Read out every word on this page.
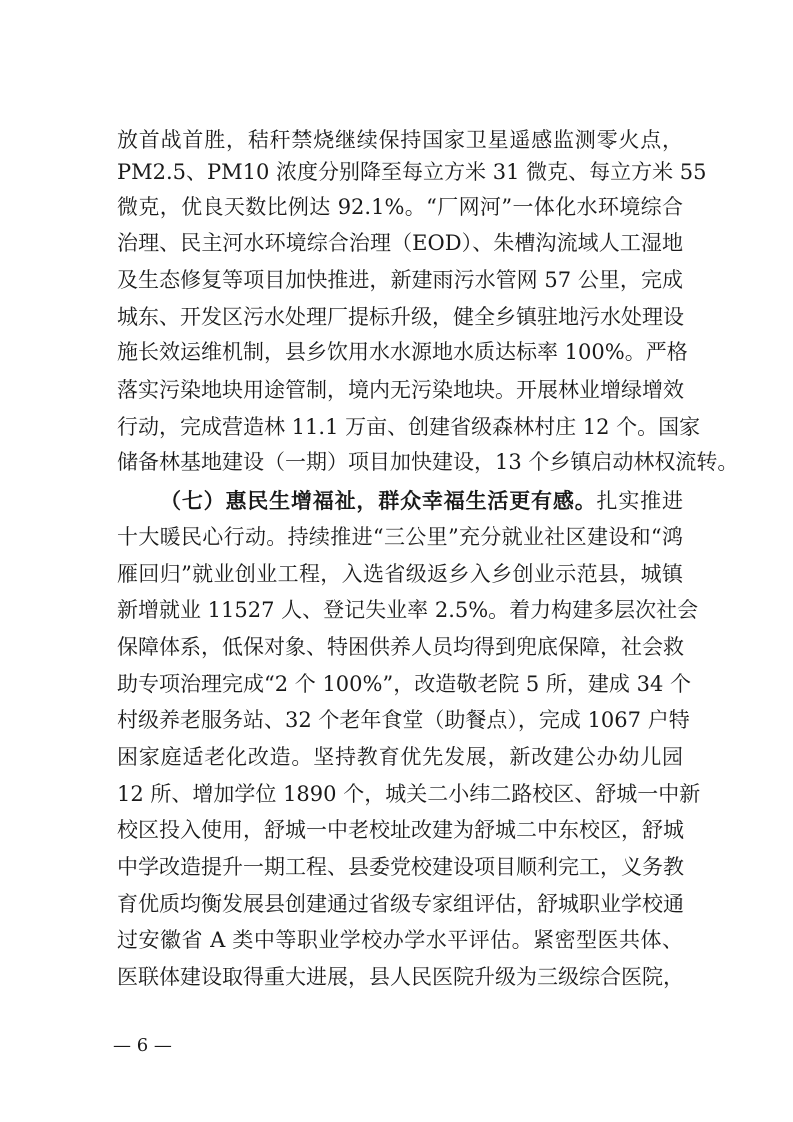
放首战首胜，秸秆禁烧继续保持国家卫星遥感监测零火点，
PM2.5、PM10 浓度分别降至每立方米 31 微克、每立方米 55
微克，优良天数比例达 92.1%。“厂网河”一体化水环境综合
治理、民主河水环境综合治理（EOD）、朱槽沟流域人工湿地
及生态修复等项目加快推进，新建雨污水管网 57 公里，完成
城东、开发区污水处理厂提标升级，健全乡镇驻地污水处理设
施长效运维机制，县乡饮用水水源地水质达标率 100%。严格
落实污染地块用途管制，境内无污染地块。开展林业增绿增效
行动，完成营造林 11.1 万亩、创建省级森林村庄 12 个。国家
储备林基地建设（一期）项目加快建设，13 个乡镇启动林权流转。
（七）惠民生增福祉，群众幸福生活更有感。扎实推进
十大暖民心行动。持续推进“三公里”充分就业社区建设和“鸿
雁回归”就业创业工程，入选省级返乡入乡创业示范县，城镇
新增就业 11527 人、登记失业率 2.5%。着力构建多层次社会
保障体系，低保对象、特困供养人员均得到兜底保障，社会救
助专项治理完成“2 个 100%”，改造敬老院 5 所，建成 34 个
村级养老服务站、32 个老年食堂（助餐点），完成 1067 户特
困家庭适老化改造。坚持教育优先发展，新改建公办幼儿园
12 所、增加学位 1890 个，城关二小纬二路校区、舒城一中新
校区投入使用，舒城一中老校址改建为舒城二中东校区，舒城
中学改造提升一期工程、县委党校建设项目顺利完工，义务教
育优质均衡发展县创建通过省级专家组评估，舒城职业学校通
过安徽省 A 类中等职业学校办学水平评估。紧密型医共体、
医联体建设取得重大进展，县人民医院升级为三级综合医院，
— 6 —
